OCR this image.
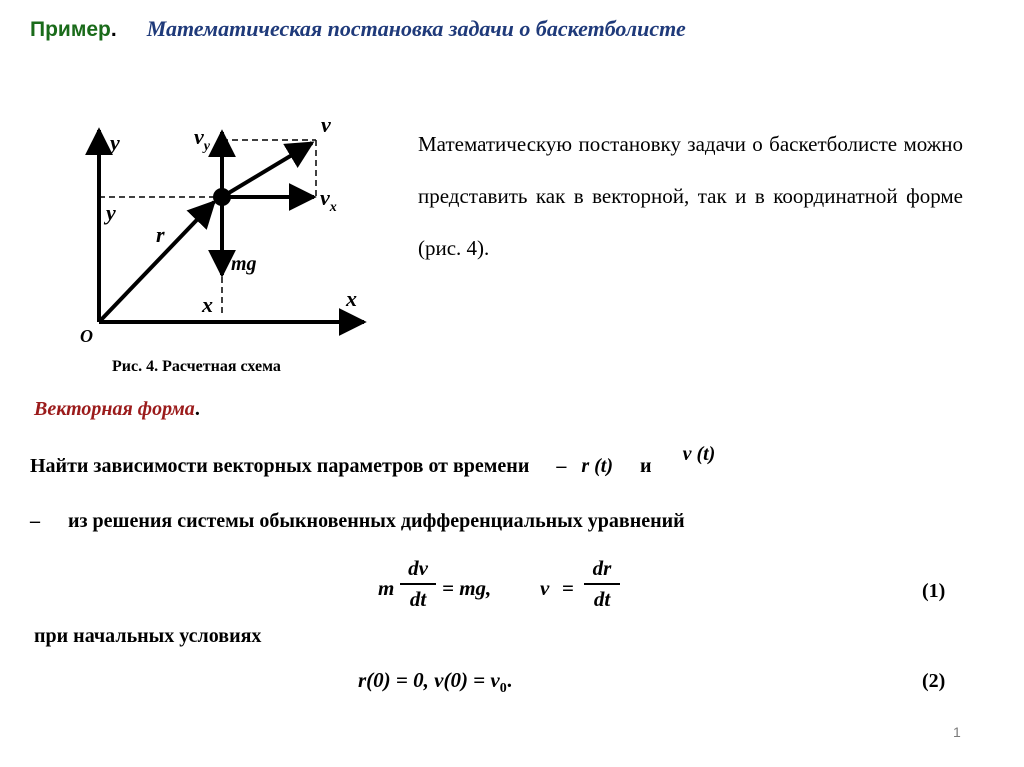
Пример. Математическая постановка задачи о баскетболисте
y
x
O
y
x
r
v
$v_y$
$v_x$
mg
Рис. 4. Расчетная схема
Математическую постановку задачи о баскетболисте можно представить как в векторной, так и в координатной форме (рис. 4).
Векторная форма.
Найти зависимости векторных параметров от времени – r (t) и v (t)
– из решения системы обыкновенных дифференциальных уравнений
m
dv
dt = mg, v =
dr
dt	(1)
при начальных условиях
r(0) = 0, $v(0) = v_0$.	(2)
1
